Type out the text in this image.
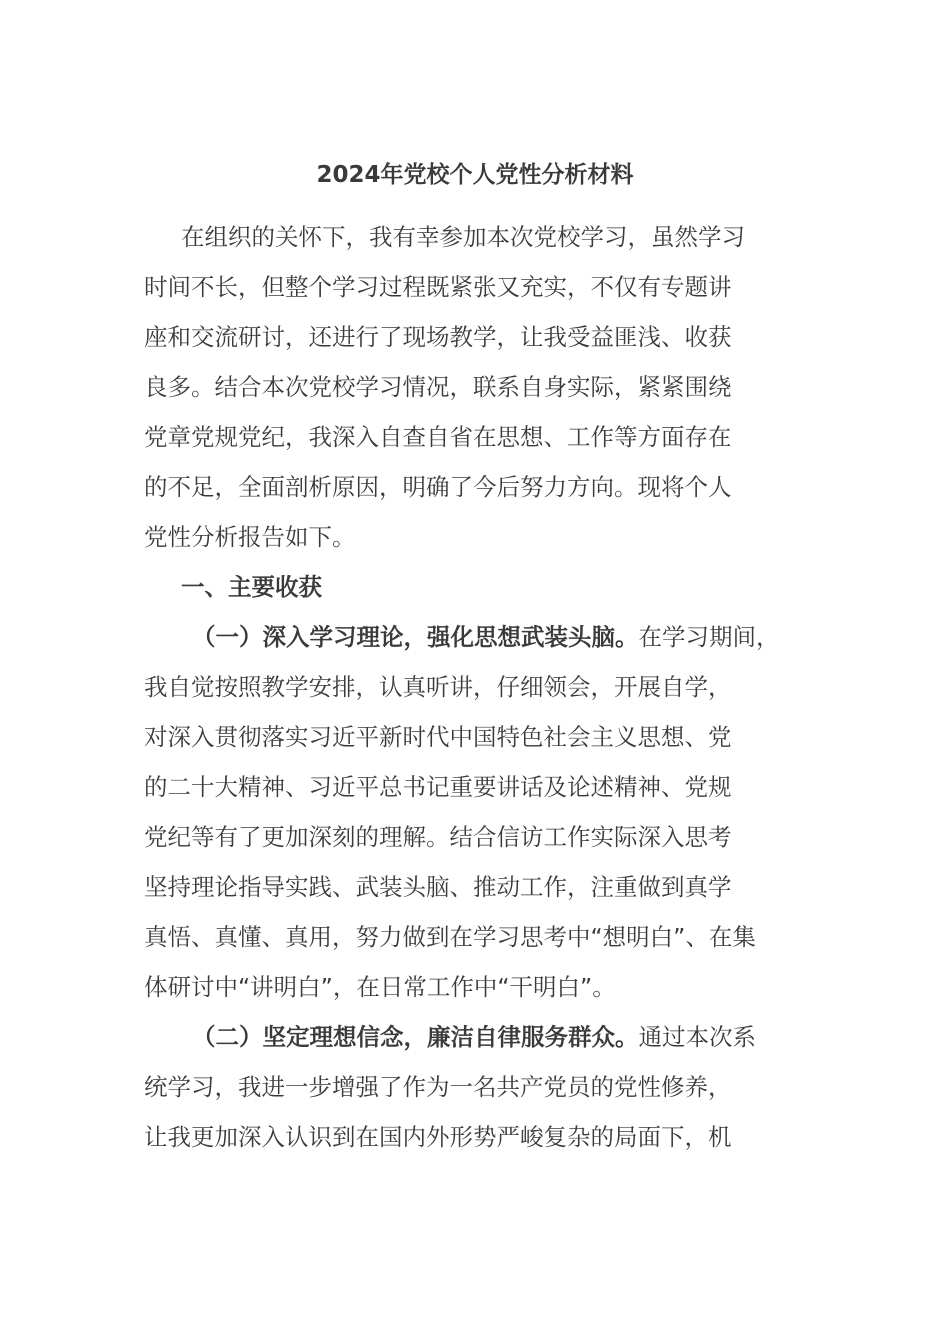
2024年党校个人党性分析材料

在组织的关怀下，我有幸参加本次党校学习，虽然学习
时间不长，但整个学习过程既紧张又充实，不仅有专题讲
座和交流研讨，还进行了现场教学，让我受益匪浅、收获
良多。结合本次党校学习情况，联系自身实际，紧紧围绕
党章党规党纪，我深入自查自省在思想、工作等方面存在
的不足，全面剖析原因，明确了今后努力方向。现将个人
党性分析报告如下。

一、主要收获

（一）深入学习理论，强化思想武装头脑。在学习期间，
我自觉按照教学安排，认真听讲，仔细领会，开展自学，
对深入贯彻落实习近平新时代中国特色社会主义思想、党
的二十大精神、习近平总书记重要讲话及论述精神、党规
党纪等有了更加深刻的理解。结合信访工作实际深入思考
坚持理论指导实践、武装头脑、推动工作，注重做到真学
真悟、真懂、真用，努力做到在学习思考中“想明白”、在集
体研讨中“讲明白”，在日常工作中“干明白”。

（二）坚定理想信念，廉洁自律服务群众。通过本次系
统学习，我进一步增强了作为一名共产党员的党性修养，
让我更加深入认识到在国内外形势严峻复杂的局面下，机
